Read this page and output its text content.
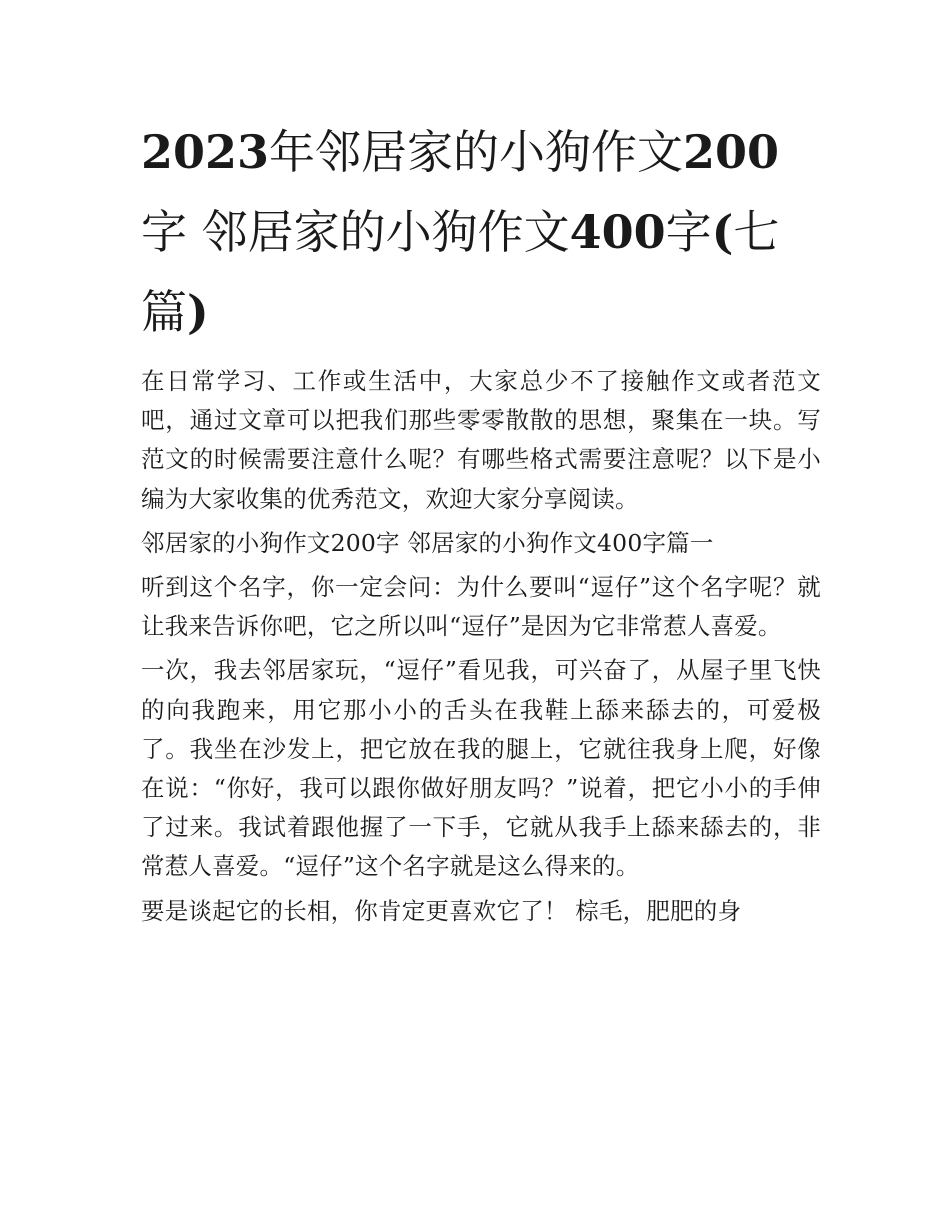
2023年邻居家的小狗作文200字 邻居家的小狗作文400字(七篇)

在日常学习、工作或生活中，大家总少不了接触作文或者范文吧，通过文章可以把我们那些零零散散的思想，聚集在一块。写范文的时候需要注意什么呢？有哪些格式需要注意呢？以下是小编为大家收集的优秀范文，欢迎大家分享阅读。

邻居家的小狗作文200字 邻居家的小狗作文400字篇一

听到这个名字，你一定会问：为什么要叫“逗仔”这个名字呢？就让我来告诉你吧，它之所以叫“逗仔”是因为它非常惹人喜爱。

一次，我去邻居家玩，“逗仔”看见我，可兴奋了，从屋子里飞快的向我跑来，用它那小小的舌头在我鞋上舔来舔去的，可爱极了。我坐在沙发上，把它放在我的腿上，它就往我身上爬，好像在说：“你好，我可以跟你做好朋友吗？”说着，把它小小的手伸了过来。我试着跟他握了一下手，它就从我手上舔来舔去的，非常惹人喜爱。“逗仔”这个名字就是这么得来的。

要是谈起它的长相，你肯定更喜欢它了！ 棕毛，肥肥的身
